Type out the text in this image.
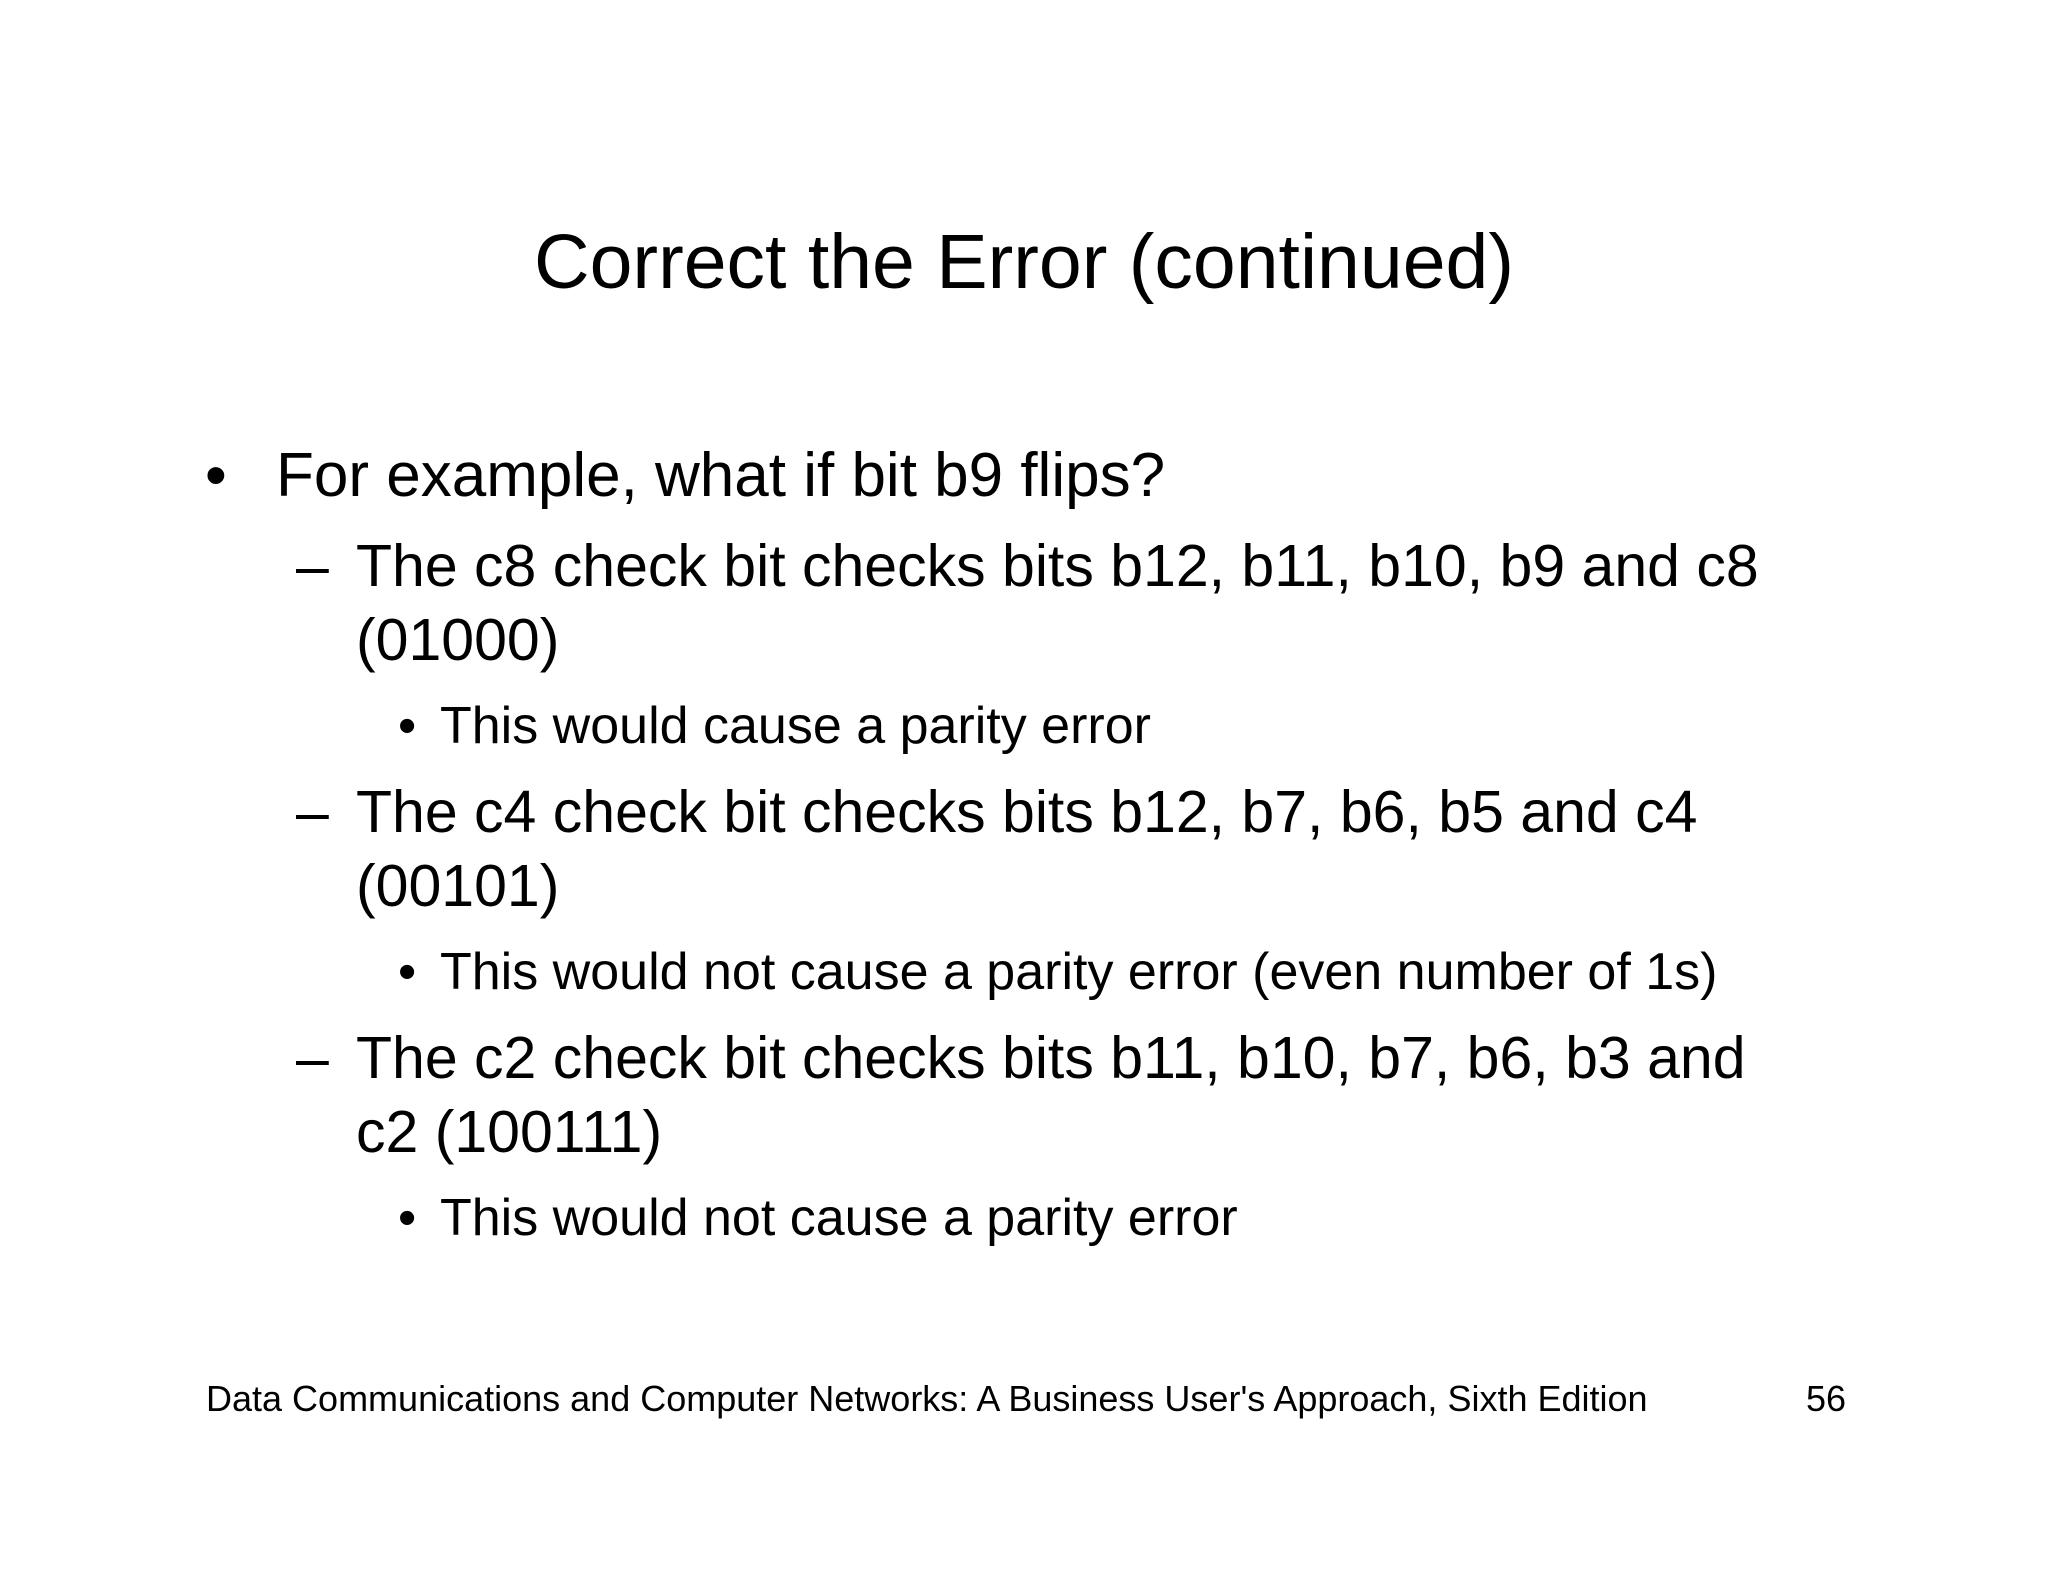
Correct the Error (continued)
• For example, what if bit b9 flips?
– The c8 check bit checks bits b12, b11, b10, b9 and c8
(01000)
• This would cause a parity error
– The c4 check bit checks bits b12, b7, b6, b5 and c4
(00101)
• This would not cause a parity error (even number of 1s)
– The c2 check bit checks bits b11, b10, b7, b6, b3 and
c2 (100111)
• This would not cause a parity error
Data Communications and Computer Networks: A Business User's Approach, Sixth Edition	56
